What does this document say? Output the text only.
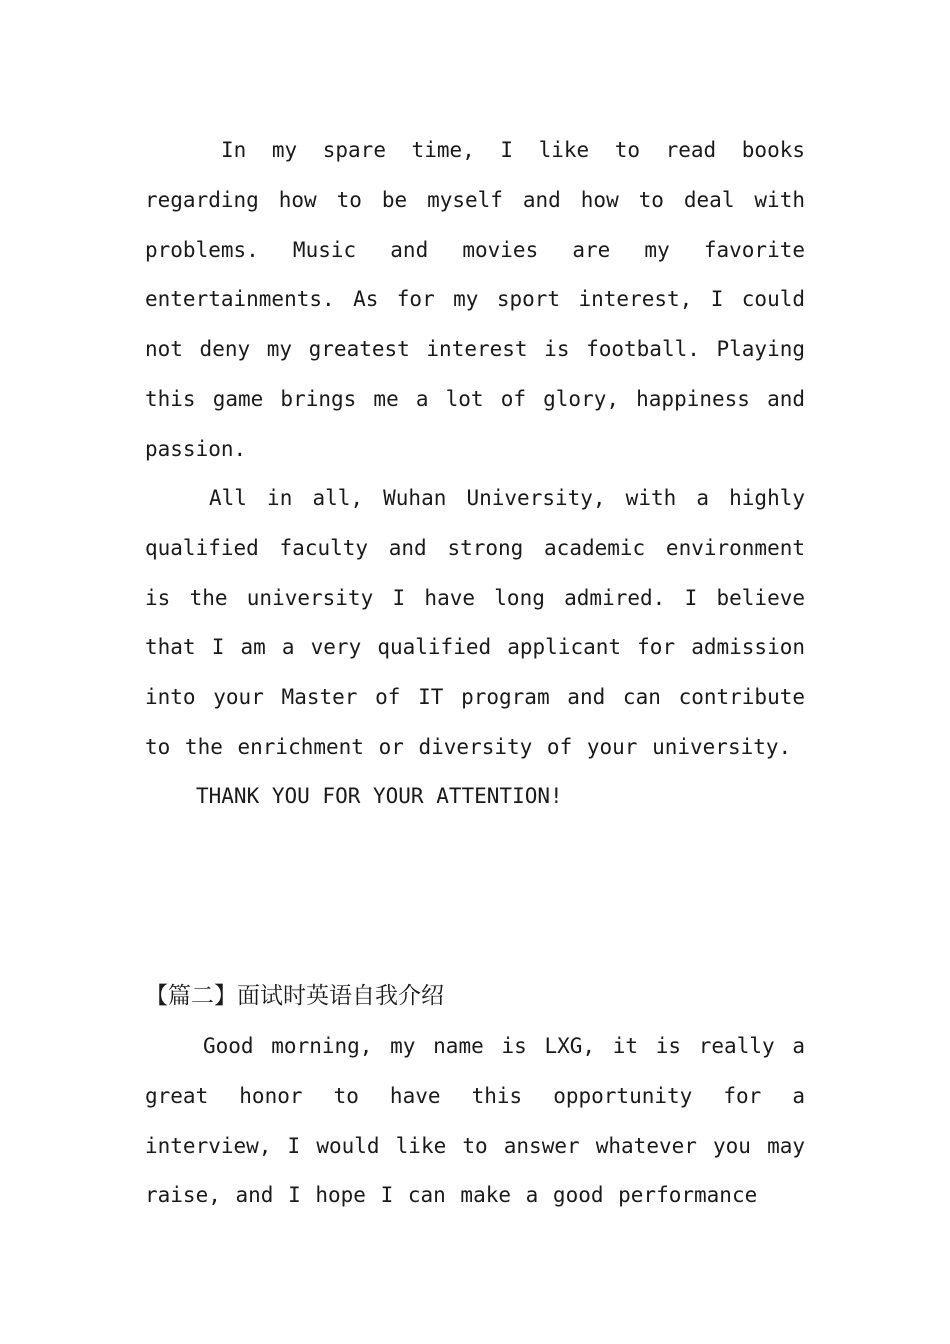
In my spare time, I like to read books regarding how to be myself and how to deal with problems. Music and movies are my favorite entertainments. As for my sport interest, I could not deny my greatest interest is football. Playing this game brings me a lot of glory, happiness and passion.

All in all, Wuhan University, with a highly qualified faculty and strong academic environment is the university I have long admired. I believe that I am a very qualified applicant for admission into your Master of IT program and can contribute to the enrichment or diversity of your university.

THANK YOU FOR YOUR ATTENTION!
【篇二】面试时英语自我介绍

Good morning, my name is LXG, it is really a great honor to have this opportunity for a interview, I would like to answer whatever you may raise, and I hope I can make a good performance
